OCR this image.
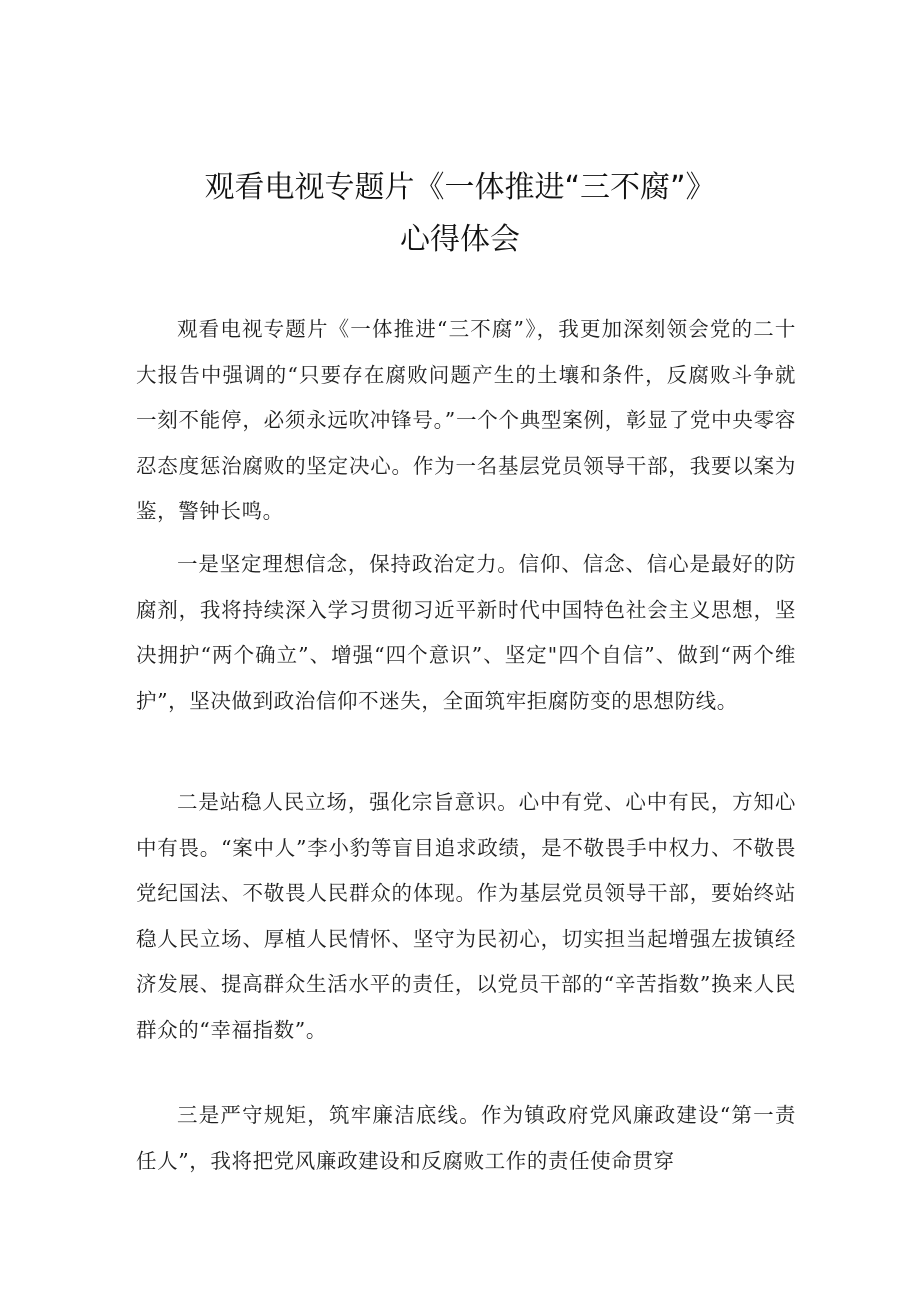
观看电视专题片《一体推进“三不腐”》
心得体会

观看电视专题片《一体推进“三不腐”》，我更加深刻领会党的二十大报告中强调的“只要存在腐败问题产生的土壤和条件，反腐败斗争就一刻不能停，必须永远吹冲锋号。”一个个典型案例，彰显了党中央零容忍态度惩治腐败的坚定决心。作为一名基层党员领导干部，我要以案为鉴，警钟长鸣。

一是坚定理想信念，保持政治定力。信仰、信念、信心是最好的防腐剂，我将持续深入学习贯彻习近平新时代中国特色社会主义思想，坚决拥护“两个确立”、增强“四个意识”、坚定"四个自信”、做到“两个维护”，坚决做到政治信仰不迷失，全面筑牢拒腐防变的思想防线。

二是站稳人民立场，强化宗旨意识。心中有党、心中有民，方知心中有畏。“案中人”李小豹等盲目追求政绩，是不敬畏手中权力、不敬畏党纪国法、不敬畏人民群众的体现。作为基层党员领导干部，要始终站稳人民立场、厚植人民情怀、坚守为民初心，切实担当起增强左拔镇经济发展、提高群众生活水平的责任，以党员干部的“辛苦指数”换来人民群众的“幸福指数”。

三是严守规矩，筑牢廉洁底线。作为镇政府党风廉政建设“第一责任人”，我将把党风廉政建设和反腐败工作的责任使命贯穿
